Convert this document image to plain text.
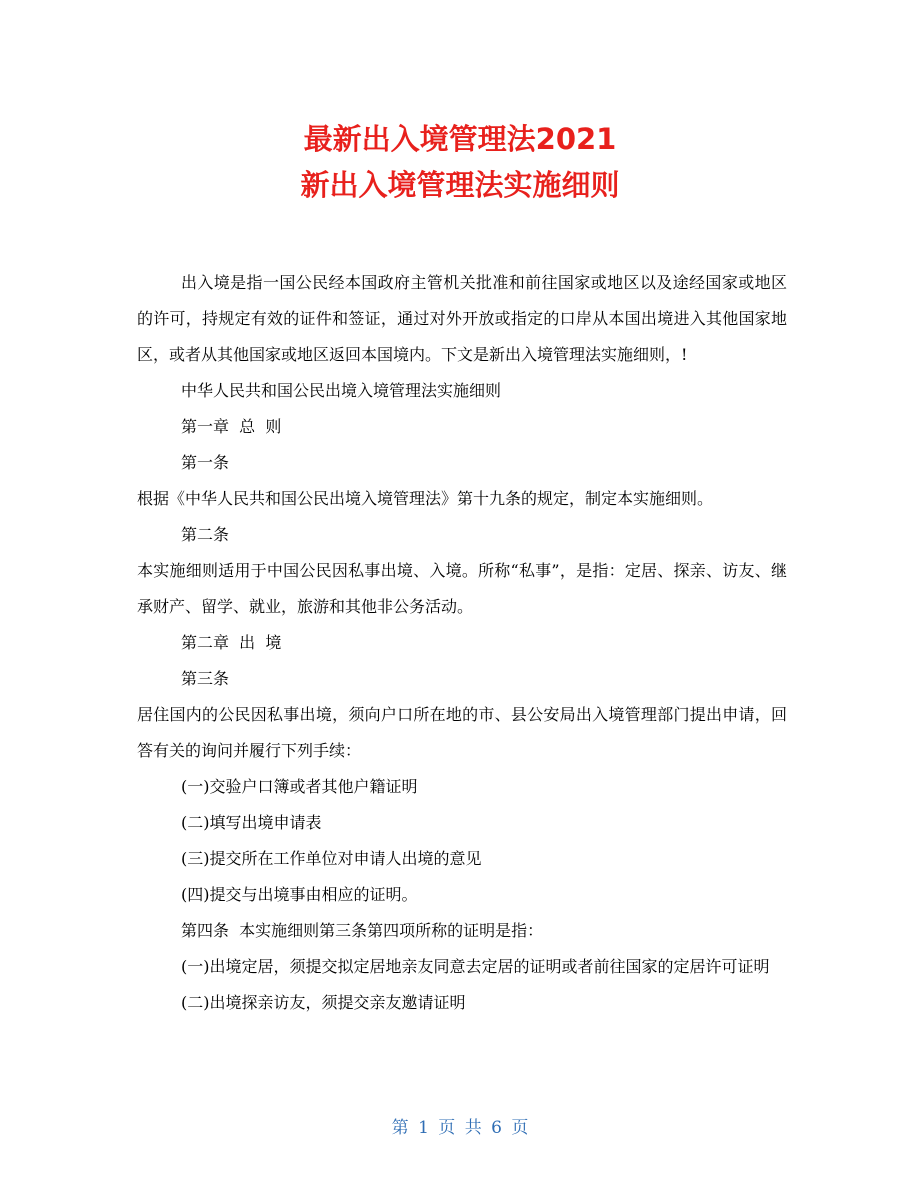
最新出入境管理法2021
新出入境管理法实施细则

出入境是指一国公民经本国政府主管机关批准和前往国家或地区以及途经国家或地区的许可，持规定有效的证件和签证，通过对外开放或指定的口岸从本国出境进入其他国家地区，或者从其他国家或地区返回本国境内。下文是新出入境管理法实施细则，!

中华人民共和国公民出境入境管理法实施细则

第一章  总  则

第一条

根据《中华人民共和国公民出境入境管理法》第十九条的规定，制定本实施细则。

第二条

本实施细则适用于中国公民因私事出境、入境。所称“私事”，是指：定居、探亲、访友、继承财产、留学、就业，旅游和其他非公务活动。

第二章  出  境

第三条

居住国内的公民因私事出境，须向户口所在地的市、县公安局出入境管理部门提出申请，回答有关的询问并履行下列手续：

(一)交验户口簿或者其他户籍证明

(二)填写出境申请表

(三)提交所在工作单位对申请人出境的意见

(四)提交与出境事由相应的证明。

第四条  本实施细则第三条第四项所称的证明是指：

(一)出境定居，须提交拟定居地亲友同意去定居的证明或者前往国家的定居许可证明

(二)出境探亲访友，须提交亲友邀请证明

第 1 页 共 6 页
